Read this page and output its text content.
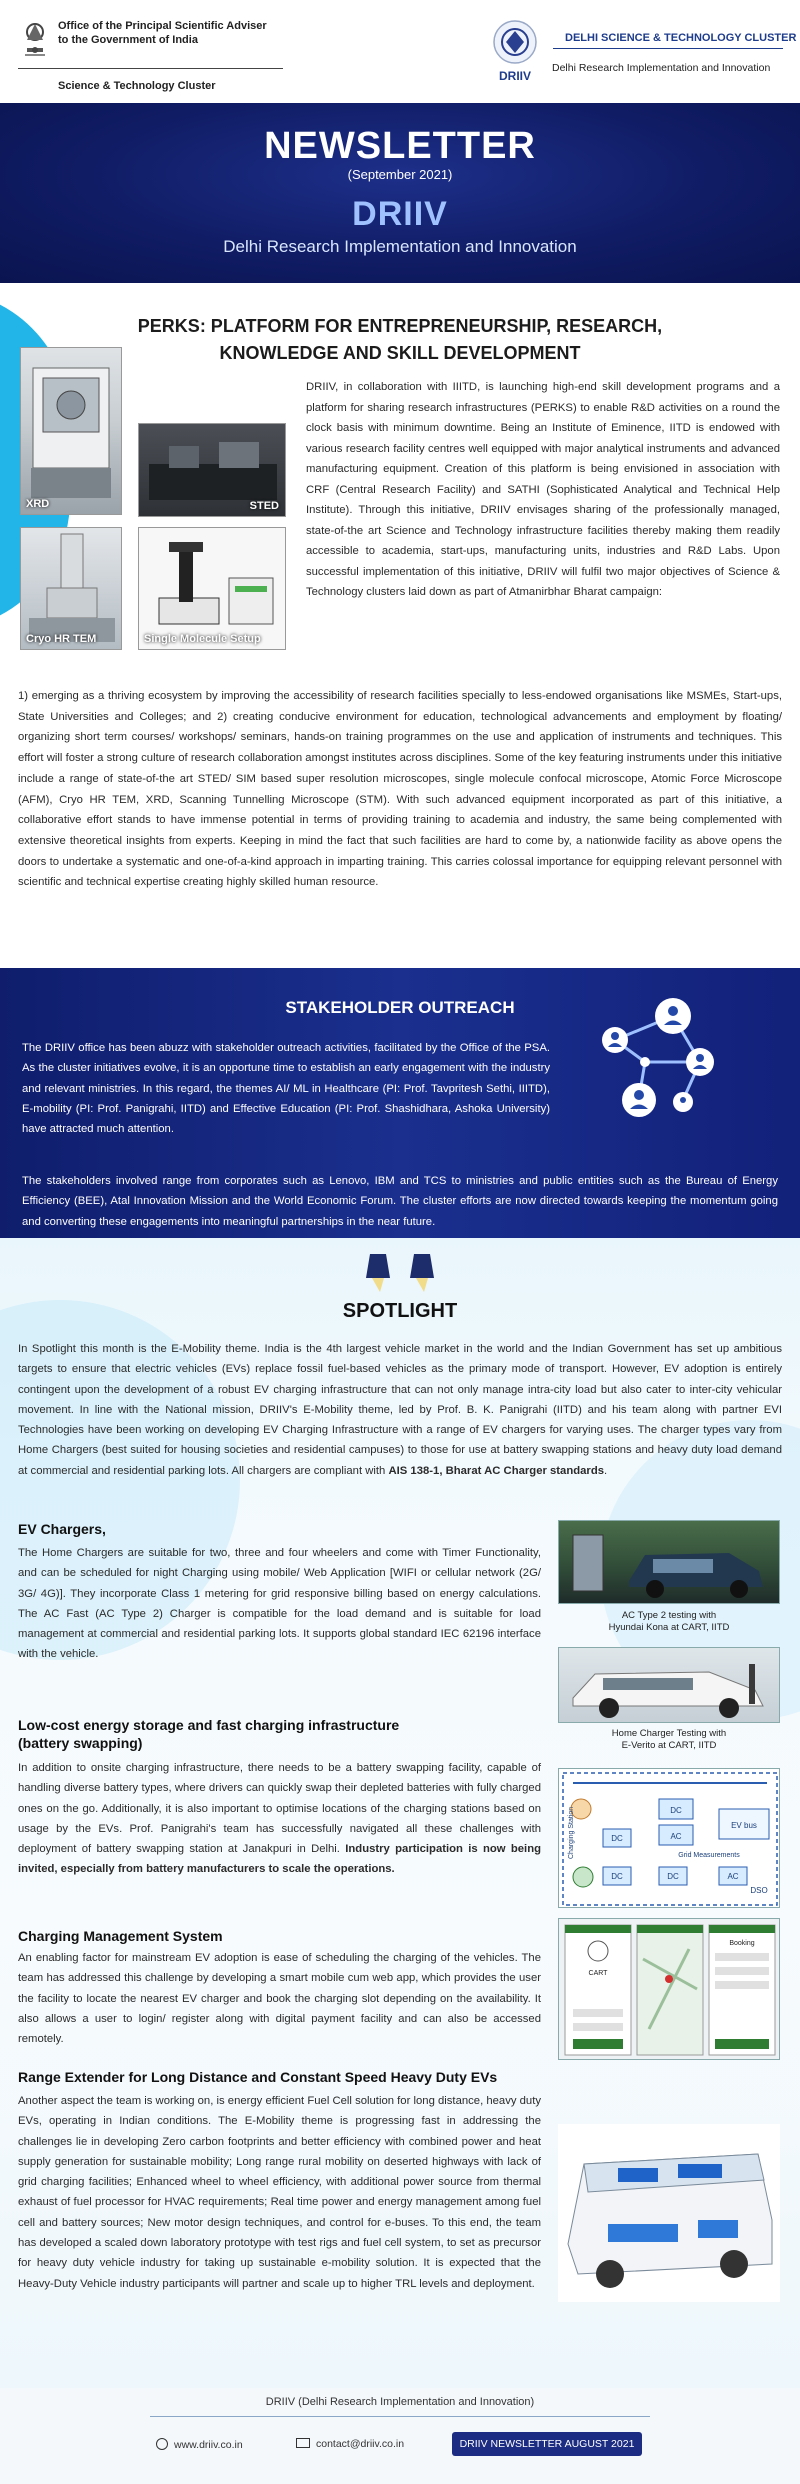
Office of the Principal Scientific Adviser
to the Government of India
Science & Technology Cluster
DRIIV
DELHI SCIENCE & TECHNOLOGY CLUSTER
Delhi Research Implementation and Innovation
NEWSLETTER
(September 2021)
DRIIV
Delhi Research Implementation and Innovation
PERKS: PLATFORM FOR ENTREPRENEURSHIP, RESEARCH,
KNOWLEDGE AND SKILL DEVELOPMENT
XRD	STED
Cryo HR TEM	Single Molecule Setup
DRIIV, in collaboration with IIITD, is launching high-end skill development programs and a platform for sharing research infrastructures (PERKS) to enable R&D activities on a round the clock basis with minimum downtime. Being an Institute of Eminence, IITD is endowed with various research facility centres well equipped with major analytical instruments and advanced manufacturing equipment. Creation of this platform is being envisioned in association with CRF (Central Research Facility) and SATHI (Sophisticated Analytical and Technical Help Institute). Through this initiative, DRIIV envisages sharing of the professionally managed, state-of-the art Science and Technology infrastructure facilities thereby making them readily accessible to academia, start-ups, manufacturing units, industries and R&D Labs. Upon successful implementation of this initiative, DRIIV will fulfil two major objectives of Science & Technology clusters laid down as part of Atmanirbhar Bharat campaign:
1) emerging as a thriving ecosystem by improving the accessibility of research facilities specially to less-endowed organisations like MSMEs, Start-ups, State Universities and Colleges; and 2) creating conducive environment for education, technological advancements and employment by floating/ organizing short term courses/ workshops/ seminars, hands-on training programmes on the use and application of instruments and techniques. This effort will foster a strong culture of research collaboration amongst institutes across disciplines. Some of the key featuring instruments under this initiative include a range of state-of-the art STED/ SIM based super resolution microscopes, single molecule confocal microscope, Atomic Force Microscope (AFM), Cryo HR TEM, XRD, Scanning Tunnelling Microscope (STM). With such advanced equipment incorporated as part of this initiative, a collaborative effort stands to have immense potential in terms of providing training to academia and industry, the same being complemented with extensive theoretical insights from experts. Keeping in mind the fact that such facilities are hard to come by, a nationwide facility as above opens the doors to undertake a systematic and one-of-a-kind approach in imparting training. This carries colossal importance for equipping relevant personnel with scientific and technical expertise creating highly skilled human resource.
STAKEHOLDER OUTREACH
The DRIIV office has been abuzz with stakeholder outreach activities, facilitated by the Office of the PSA. As the cluster initiatives evolve, it is an opportune time to establish an early engagement with the industry and relevant ministries. In this regard, the themes AI/ ML in Healthcare (PI: Prof. Tavpritesh Sethi, IIITD), E-mobility (PI: Prof. Panigrahi, IITD) and Effective Education (PI: Prof. Shashidhara, Ashoka University) have attracted much attention.
The stakeholders involved range from corporates such as Lenovo, IBM and TCS to ministries and public entities such as the Bureau of Energy Efficiency (BEE), Atal Innovation Mission and the World Economic Forum. The cluster efforts are now directed towards keeping the momentum going and converting these engagements into meaningful partnerships in the near future.
SPOTLIGHT
In Spotlight this month is the E-Mobility theme. India is the 4th largest vehicle market in the world and the Indian Government has set up ambitious targets to ensure that electric vehicles (EVs) replace fossil fuel-based vehicles as the primary mode of transport. However, EV adoption is entirely contingent upon the development of a robust EV charging infrastructure that can not only manage intra-city load but also cater to inter-city vehicular movement. In line with the National mission, DRIIV's E-Mobility theme, led by Prof. B. K. Panigrahi (IITD) and his team along with partner EVI Technologies have been working on developing EV Charging Infrastructure with a range of EV chargers for varying uses. The charger types vary from Home Chargers (best suited for housing societies and residential campuses) to those for use at battery swapping stations and heavy duty load demand at commercial and residential parking lots. All chargers are compliant with AIS 138-1, Bharat AC Charger standards.
EV Chargers,
The Home Chargers are suitable for two, three and four wheelers and come with Timer Functionality, and can be scheduled for night Charging using mobile/ Web Application [WIFI or cellular network (2G/ 3G/ 4G)]. They incorporate Class 1 metering for grid responsive billing based on energy calculations. The AC Fast (AC Type 2) Charger is compatible for the load demand and is suitable for load management at commercial and residential parking lots. It supports global standard IEC 62196 interface with the vehicle.
Low-cost energy storage and fast charging infrastructure
(battery swapping)
In addition to onsite charging infrastructure, there needs to be a battery swapping facility, capable of handling diverse battery types, where drivers can quickly swap their depleted batteries with fully charged ones on the go. Additionally, it is also important to optimise locations of the charging stations based on usage by the EVs. Prof. Panigrahi's team has successfully navigated all these challenges with deployment of battery swapping station at Janakpuri in Delhi. Industry participation is now being invited, especially from battery manufacturers to scale the operations.
Charging Management System
An enabling factor for mainstream EV adoption is ease of scheduling the charging of the vehicles. The team has addressed this challenge by developing a smart mobile cum web app, which provides the user the facility to locate the nearest EV charger and book the charging slot depending on the availability. It also allows a user to login/ register along with digital payment facility and can also be accessed remotely.
Range Extender for Long Distance and Constant Speed Heavy Duty EVs
Another aspect the team is working on, is energy efficient Fuel Cell solution for long distance, heavy duty EVs, operating in Indian conditions. The E-Mobility theme is progressing fast in addressing the challenges lie in developing Zero carbon footprints and better efficiency with combined power and heat supply generation for sustainable mobility; Long range rural mobility on deserted highways with lack of grid charging facilities; Enhanced wheel to wheel efficiency, with additional power source from thermal exhaust of fuel processor for HVAC requirements; Real time power and energy management among fuel cell and battery sources; New motor design techniques, and control for e-buses. To this end, the team has developed a scaled down laboratory prototype with test rigs and fuel cell system, to set as precursor for heavy duty vehicle industry for taking up sustainable e-mobility solution. It is expected that the Heavy-Duty Vehicle industry participants will partner and scale up to higher TRL levels and deployment.
AC Type 2 testing with
Hyundai Kona at CART, IITD
Home Charger Testing with
E-Verito at CART, IITD
DC
AC
DC
DC	DC
EV bus
Grid Measurements
AC
DSO
Charging Station
CART
Booking
DRIIV (Delhi Research Implementation and Innovation)
www.driiv.co.in	contact@driiv.co.in	DRIIV NEWSLETTER AUGUST 2021
